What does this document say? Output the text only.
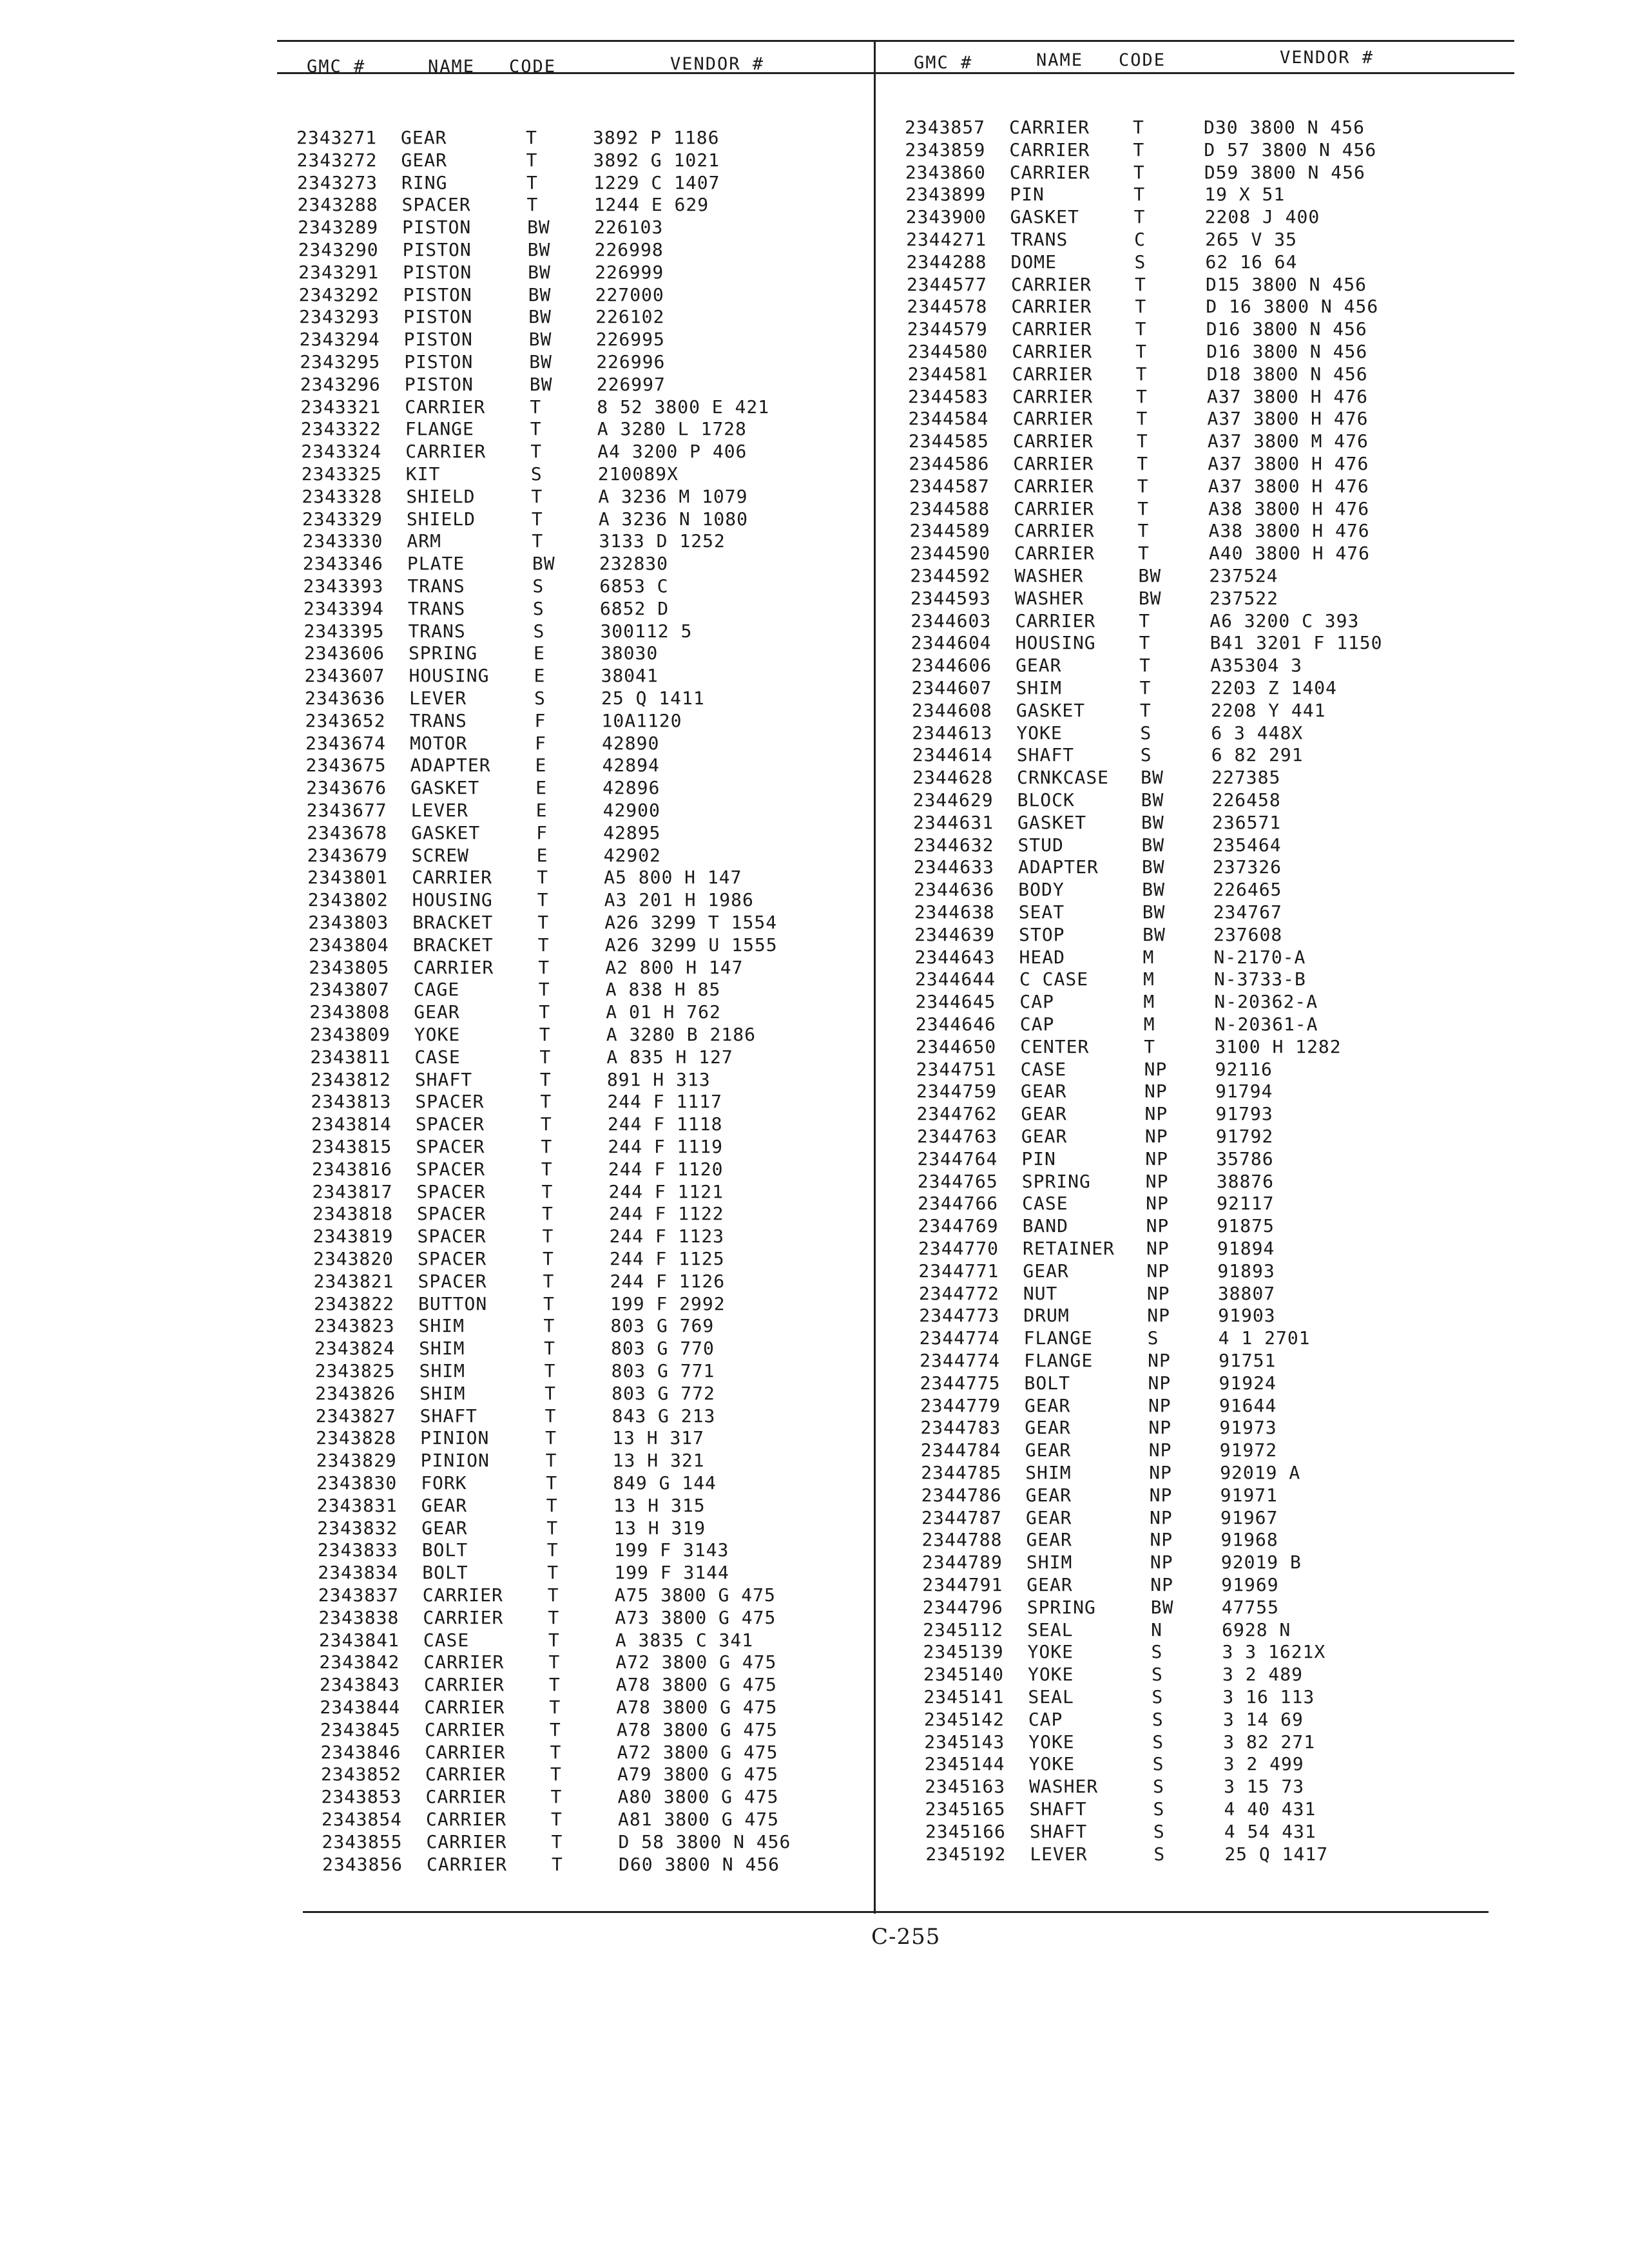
GMC #	NAME CODE	VENDOR #	GMC #	NAME CODE	VENDOR #
2343271 GEAR	T	3892 P 1186
2343272 GEAR	T	3892 G 1021
2343273 RING	T	1229 C 1407
2343288 SPACER	T	1244 E 629
2343289 PISTON	BW 226103
2343290 PISTON	BW 226998
2343291 PISTON	BW 226999
2343292 PISTON	BW 227000
2343293 PISTON	BW 226102
2343294 PISTON	BW 226995
2343295 PISTON	BW 226996
2343296 PISTON	BW 226997
2343321 CARRIER T	8 52 3800 E 421
2343322 FLANGE	T	A 3280 L 1728
2343324 CARRIER T	A4 3200 P 406
2343325 KIT	S	210089X
2343328 SHIELD	T	A 3236 M 1079
2343329 SHIELD	T	A 3236 N 1080
2343330 ARM	T	3133 D 1252
2343346 PLATE	BW 232830
2343393 TRANS	S	6853 C
2343394 TRANS	S	6852 D
2343395 TRANS	S	300112 5
2343606 SPRING	E	38030
2343607 HOUSING E	38041
2343636 LEVER	S	25 Q 1411
2343652 TRANS	F	10A1120
2343674 MOTOR	F	42890
2343675 ADAPTER E	42894
2343676 GASKET	E	42896
2343677 LEVER	E	42900
2343678 GASKET	F	42895
2343679 SCREW	E	42902
2343801 CARRIER T	A5 800 H 147
2343802 HOUSING T	A3 201 H 1986
2343803 BRACKET T	A26 3299 T 1554
2343804 BRACKET T	A26 3299 U 1555
2343805 CARRIER T	A2 800 H 147
2343807 CAGE	T	A 838 H 85
2343808 GEAR	T	A 01 H 762
2343809 YOKE	T	A 3280 B 2186
2343811 CASE	T	A 835 H 127
2343812 SHAFT	T	891 H 313
2343813 SPACER	T	244 F 1117
2343814 SPACER	T	244 F 1118
2343815 SPACER	T	244 F 1119
2343816 SPACER	T	244 F 1120
2343817 SPACER	T	244 F 1121
2343818 SPACER	T	244 F 1122
2343819 SPACER	T	244 F 1123
2343820 SPACER	T	244 F 1125
2343821 SPACER	T	244 F 1126
2343822 BUTTON	T	199 F 2992
2343823 SHIM	T	803 G 769
2343824 SHIM	T	803 G 770
2343825 SHIM	T	803 G 771
2343826 SHIM	T	803 G 772
2343827 SHAFT	T	843 G 213
2343828 PINION	T	13 H 317
2343829 PINION	T	13 H 321
2343830 FORK	T	849 G 144
2343831 GEAR	T	13 H 315
2343832 GEAR	T	13 H 319
2343833 BOLT	T	199 F 3143
2343834 BOLT	T	199 F 3144
2343837 CARRIER T	A75 3800 G 475
2343838 CARRIER T	A73 3800 G 475
2343841 CASE	T	A 3835 C 341
2343842 CARRIER T	A72 3800 G 475
2343843 CARRIER T	A78 3800 G 475
2343844 CARRIER T	A78 3800 G 475
2343845 CARRIER T	A78 3800 G 475
2343846 CARRIER T	A72 3800 G 475
2343852 CARRIER T	A79 3800 G 475
2343853 CARRIER T	A80 3800 G 475
2343854 CARRIER T	A81 3800 G 475
2343855 CARRIER T	D 58 3800 N 456
2343856 CARRIER T	D60 3800 N 456
2343857 CARRIER T	D30 3800 N 456
2343859 CARRIER T	D 57 3800 N 456
2343860 CARRIER T	D59 3800 N 456
2343899 PIN	T	19 X 51
2343900 GASKET	T	2208 J 400
2344271 TRANS	C	265 V 35
2344288 DOME	S	62 16 64
2344577 CARRIER T	D15 3800 N 456
2344578 CARRIER T	D 16 3800 N 456
2344579 CARRIER T	D16 3800 N 456
2344580 CARRIER T	D16 3800 N 456
2344581 CARRIER T	D18 3800 N 456
2344583 CARRIER T	A37 3800 H 476
2344584 CARRIER T	A37 3800 H 476
2344585 CARRIER T	A37 3800 M 476
2344586 CARRIER T	A37 3800 H 476
2344587 CARRIER T	A37 3800 H 476
2344588 CARRIER T	A38 3800 H 476
2344589 CARRIER T	A38 3800 H 476
2344590 CARRIER T	A40 3800 H 476
2344592 WASHER	BW	237524
2344593 WASHER	BW	237522
2344603 CARRIER T	A6 3200 C 393
2344604 HOUSING T	B41 3201 F 1150
2344606 GEAR	T	A35304 3
2344607 SHIM	T	2203 Z 1404
2344608 GASKET	T	2208 Y 441
2344613 YOKE	S	6 3 448X
2344614 SHAFT	S	6 82 291
2344628 CRNKCASE BW	227385
2344629 BLOCK	BW	226458
2344631 GASKET	BW	236571
2344632 STUD	BW	235464
2344633 ADAPTER BW	237326
2344636 BODY	BW	226465
2344638 SEAT	BW	234767
2344639 STOP	BW	237608
2344643 HEAD	M	N-2170-A
2344644 C CASE	M	N-3733-B
2344645 CAP	M	N-20362-A
2344646 CAP	M	N-20361-A
2344650 CENTER	T	3100 H 1282
2344751 CASE	NP	92116
2344759 GEAR	NP	91794
2344762 GEAR	NP	91793
2344763 GEAR	NP	91792
2344764 PIN	NP	35786
2344765 SPRING	NP	38876
2344766 CASE	NP	92117
2344769 BAND	NP	91875
2344770 RETAINER NP	91894
2344771 GEAR	NP	91893
2344772 NUT	NP	38807
2344773 DRUM	NP	91903
2344774 FLANGE	S	4 1 2701
2344774 FLANGE	NP	91751
2344775 BOLT	NP	91924
2344779 GEAR	NP	91644
2344783 GEAR	NP	91973
2344784 GEAR	NP	91972
2344785 SHIM	NP	92019 A
2344786 GEAR	NP	91971
2344787 GEAR	NP	91967
2344788 GEAR	NP	91968
2344789 SHIM	NP	92019 B
2344791 GEAR	NP	91969
2344796 SPRING	BW	47755
2345112 SEAL	N	6928 N
2345139 YOKE	S	3 3 1621X
2345140 YOKE	S	3 2 489
2345141 SEAL	S	3 16 113
2345142 CAP	S	3 14 69
2345143 YOKE	S	3 82 271
2345144 YOKE	S	3 2 499
2345163 WASHER	S	3 15 73
2345165 SHAFT	S	4 40 431
2345166 SHAFT	S	4 54 431
2345192 LEVER	S	25 Q 1417
C-255
